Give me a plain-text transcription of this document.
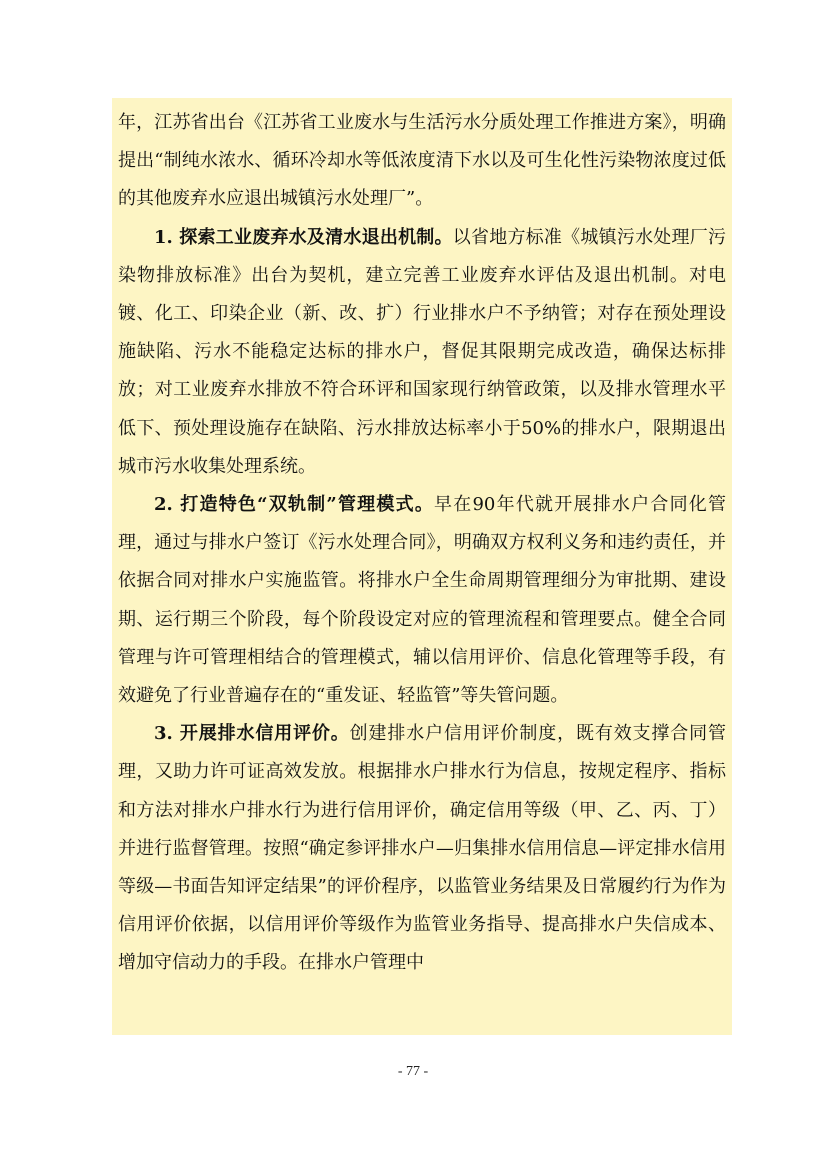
年，江苏省出台《江苏省工业废水与生活污水分质处理工作推进方案》，明确提出“制纯水浓水、循环冷却水等低浓度清下水以及可生化性污染物浓度过低的其他废弃水应退出城镇污水处理厂”。

1. 探索工业废弃水及清水退出机制。以省地方标准《城镇污水处理厂污染物排放标准》出台为契机，建立完善工业废弃水评估及退出机制。对电镀、化工、印染企业（新、改、扩）行业排水户不予纳管；对存在预处理设施缺陷、污水不能稳定达标的排水户，督促其限期完成改造，确保达标排放；对工业废弃水排放不符合环评和国家现行纳管政策，以及排水管理水平低下、预处理设施存在缺陷、污水排放达标率小于50%的排水户，限期退出城市污水收集处理系统。

2. 打造特色“双轨制”管理模式。早在90年代就开展排水户合同化管理，通过与排水户签订《污水处理合同》，明确双方权利义务和违约责任，并依据合同对排水户实施监管。将排水户全生命周期管理细分为审批期、建设期、运行期三个阶段，每个阶段设定对应的管理流程和管理要点。健全合同管理与许可管理相结合的管理模式，辅以信用评价、信息化管理等手段，有效避免了行业普遍存在的“重发证、轻监管”等失管问题。

3. 开展排水信用评价。创建排水户信用评价制度，既有效支撑合同管理，又助力许可证高效发放。根据排水户排水行为信息，按规定程序、指标和方法对排水户排水行为进行信用评价，确定信用等级（甲、乙、丙、丁）并进行监督管理。按照“确定参评排水户—归集排水信用信息—评定排水信用等级—书面告知评定结果”的评价程序，以监管业务结果及日常履约行为作为信用评价依据，以信用评价等级作为监管业务指导、提高排水户失信成本、增加守信动力的手段。在排水户管理中

- 77 -
